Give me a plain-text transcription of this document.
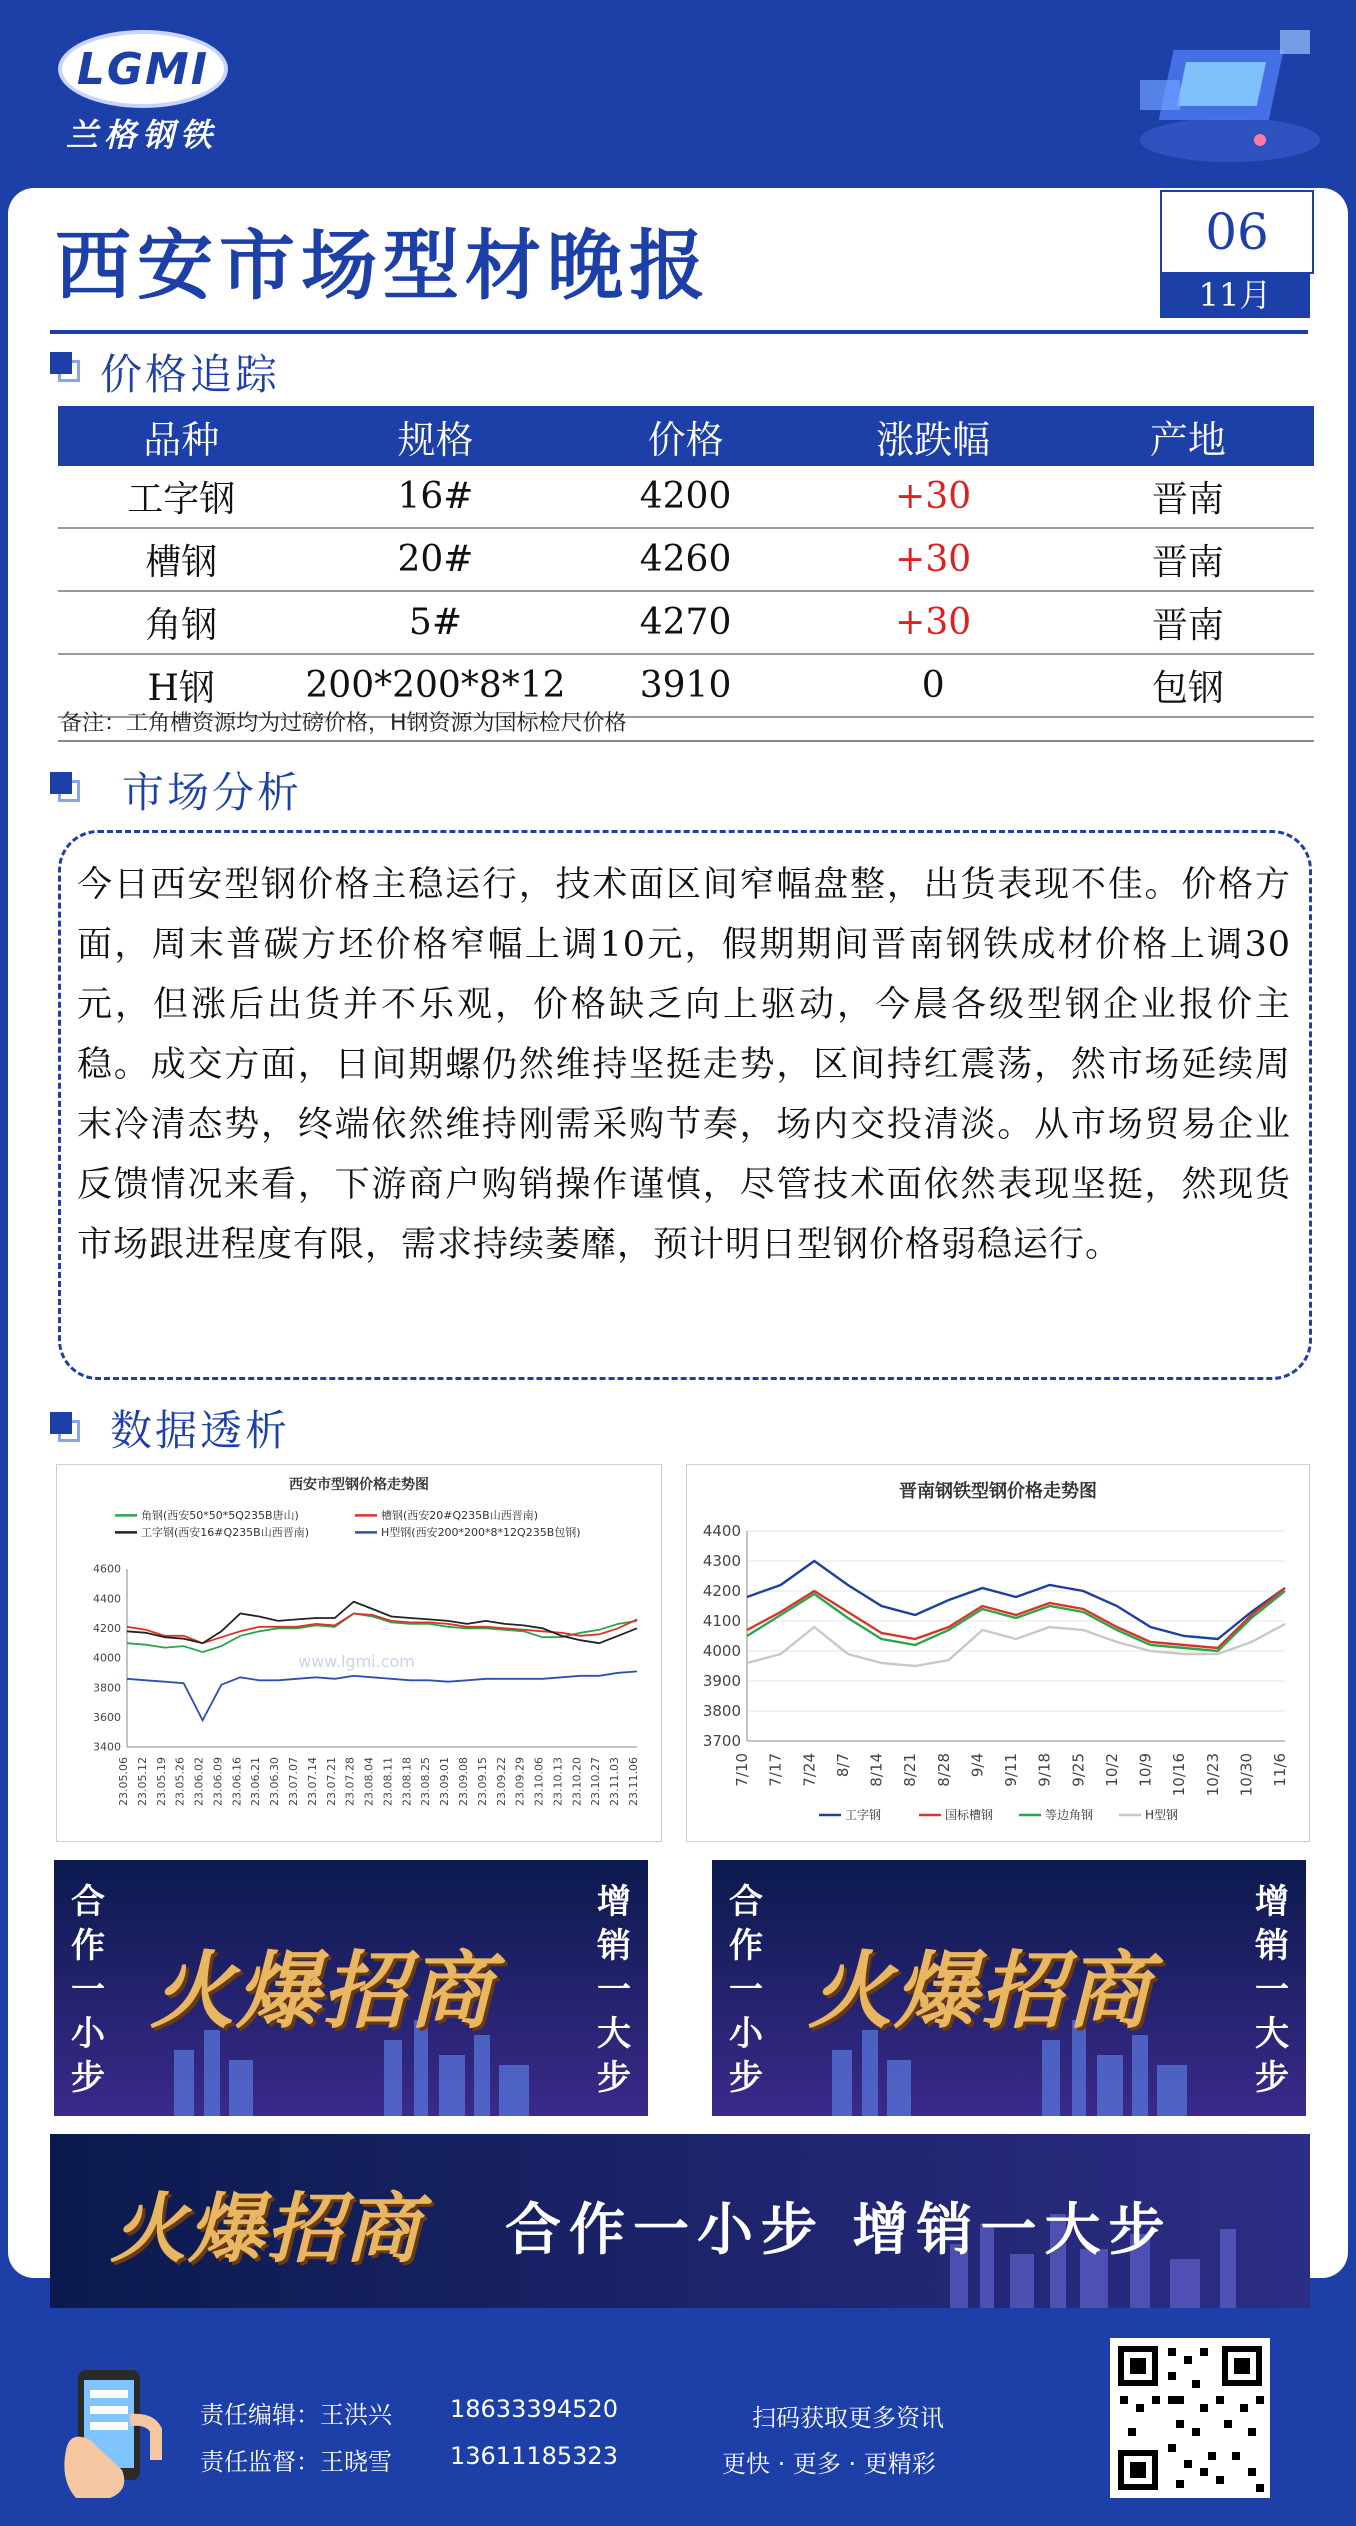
LGMI
兰格钢铁
西安市场型材晚报	06
11月
价格追踪
品种	规格	价格	涨跌幅	产地
工字钢	16#	4200	+30	晋南
槽钢	20#	4260	+30	晋南
角钢	5#	4270	+30	晋南
H钢	200*200*8*12	3910	0	包钢
备注：工角槽资源均为过磅价格，H钢资源为国标检尺价格
市场分析

今日西安型钢价格主稳运行，技术面区间窄幅盘整，出货表现不佳。价格方面，周末普碳方坯价格窄幅上调10元，假期期间晋南钢铁成材价格上调30元，但涨后出货并不乐观，价格缺乏向上驱动，今晨各级型钢企业报价主稳。成交方面，日间期螺仍然维持坚挺走势，区间持红震荡，然市场延续周末冷清态势，终端依然维持刚需采购节奏，场内交投清淡。从市场贸易企业反馈情况来看，下游商户购销操作谨慎，尽管技术面依然表现坚挺，然现货市场跟进程度有限，需求持续萎靡，预计明日型钢价格弱稳运行。

数据透析
西安市型钢价格走势图
角钢(西安50*50*5Q235B唐山)	槽钢(西安20#Q235B山西晋南)
工字钢(西安16#Q235B山西晋南)	H型钢(西安200*200*8*12Q235B包钢)
3400
3600
3800
4000
4200
4400
4600
23.05.06 23.05.12 23.05.19 23.05.26 23.06.02 23.06.09 23.06.16 23.06.21 23.06.30 23.07.07 23.07.14 23.07.21 23.07.28 23.08.04 23.08.11 23.08.18 23.08.25 23.09.01 23.09.08 23.09.15 23.09.22 23.09.29 23.10.06 23.10.13 23.10.20 23.10.27 23.11.03 23.11.06
www.lgmi.com
晋南钢铁型钢价格走势图
工字钢	国标槽钢	等边角钢	H型钢
3700
3800
3900
4000
4100
4200
4300
4400
7/10 7/17 7/24 8/7 8/14 8/21 8/28 9/4 9/11 9/18 9/25 10/2 10/9 10/16 10/23 10/30 11/6
合
作
一
小
步
增
销
一
大
步
火爆招商
合
作
一
小
步
增
销
一
大
步
火爆招商
火爆招商 合作一小步 增销一大步
责任编辑：王洪兴 18633394520
责任监督：王晓雪 13611185323
扫码获取更多资讯
更快 · 更多 · 更精彩
